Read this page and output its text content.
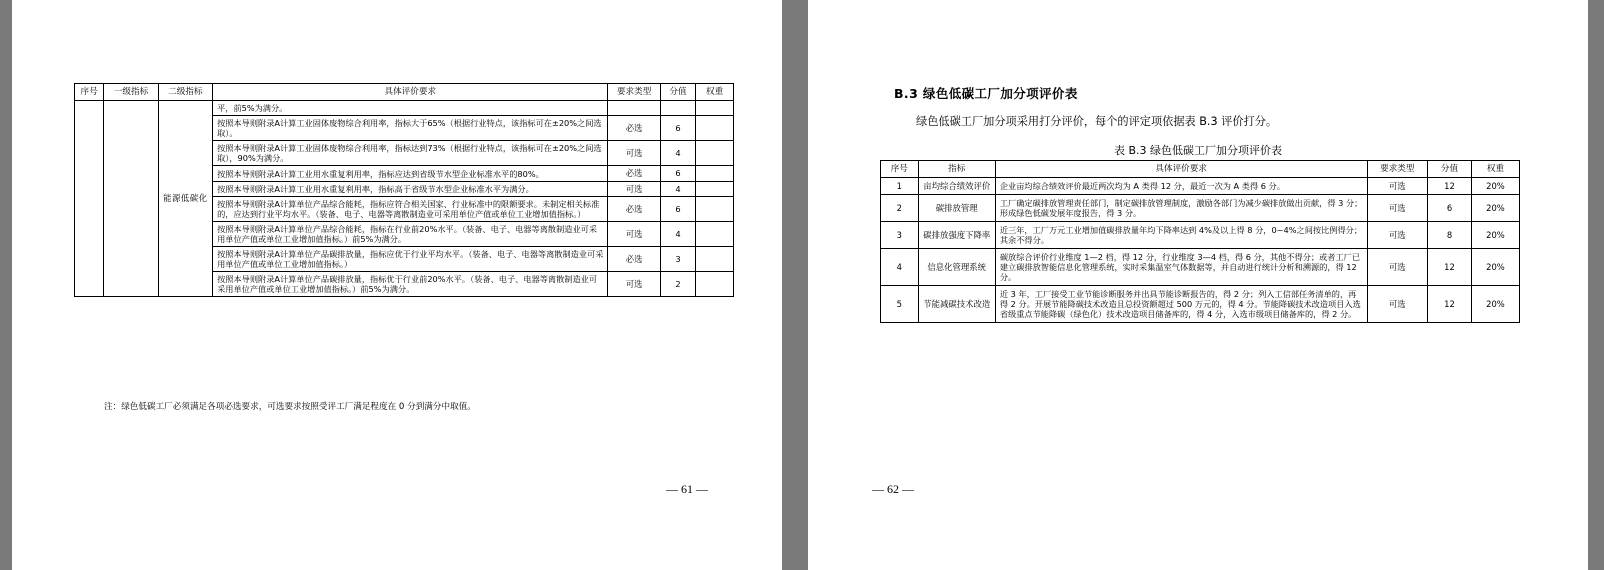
序号	一级指标	二级指标	具体评价要求	要求类型	分值	权重
		能源低碳化	平，前5%为满分。			
			按照本导则附录A计算工业固体废物综合利用率，指标大于65%（根据行业特点，该指标可在±20%之间选取）。	必选	6	
			按照本导则附录A计算工业固体废物综合利用率，指标达到73%（根据行业特点，该指标可在±20%之间选取），90%为满分。	可选	4	
			按照本导则附录A计算工业用水重复利用率，指标应达到省级节水型企业标准水平的80%。	必选	6	
			按照本导则附录A计算工业用水重复利用率，指标高于省级节水型企业标准水平为满分。	可选	4	
			按照本导则附录A计算单位产品综合能耗，指标应符合相关国家、行业标准中的限额要求。未制定相关标准的，应达到行业平均水平。（装备、电子、电器等离散制造业可采用单位产值或单位工业增加值指标。）	必选	6	
			按照本导则附录A计算单位产品综合能耗，指标在行业前20%水平。（装备、电子、电器等离散制造业可采用单位产值或单位工业增加值指标。）前5%为满分。	可选	4	
			按照本导则附录A计算单位产品碳排放量，指标应优于行业平均水平。（装备、电子、电器等离散制造业可采用单位产值或单位工业增加值指标。）	必选	3	
			按照本导则附录A计算单位产品碳排放量，指标优于行业前20%水平。（装备、电子、电器等离散制造业可采用单位产值或单位工业增加值指标。）前5%为满分。	可选	2	
注：绿色低碳工厂必须满足各项必选要求，可选要求按照受评工厂满足程度在 0 分到满分中取值。
— 61 —
B.3 绿色低碳工厂加分项评价表
绿色低碳工厂加分项采用打分评价，每个的评定项依据表 B.3 评价打分。
表 B.3 绿色低碳工厂加分项评价表
序号	指标	具体评价要求	要求类型	分值	权重
1	亩均综合绩效评价	企业亩均综合绩效评价最近两次均为 A 类得 12 分，最近一次为 A 类得 6 分。	可选	12	20%
2	碳排放管理	工厂确定碳排放管理责任部门，制定碳排放管理制度，激励各部门为减少碳排放做出贡献，得 3 分；形成绿色低碳发展年度报告，得 3 分。	可选	6	20%
3	碳排放强度下降率	近三年，工厂万元工业增加值碳排放量年均下降率达到 4%及以上得 8 分，0~4%之间按比例得分；其余不得分。	可选	8	20%
4	信息化管理系统	碳放综合评价行业维度 1—2 档，得 12 分，行业维度 3—4 档，得 6 分，其他不得分；或者工厂已建立碳排放智能信息化管理系统，实时采集温室气体数据等，并自动进行统计分析和溯源的，得 12 分。	可选	12	20%
5	节能减碳技术改造	近 3 年，工厂接受工业节能诊断服务并出具节能诊断报告的，得 2 分；列入工信部任务清单的，再得 2 分。开展节能降碳技术改造且总投资额超过 500 万元的，得 4 分。节能降碳技术改造项目入选省级重点节能降碳（绿色化）技术改造项目储备库的，得 4 分，入选市级项目储备库的，得 2 分。	可选	12	20%
— 62 —
